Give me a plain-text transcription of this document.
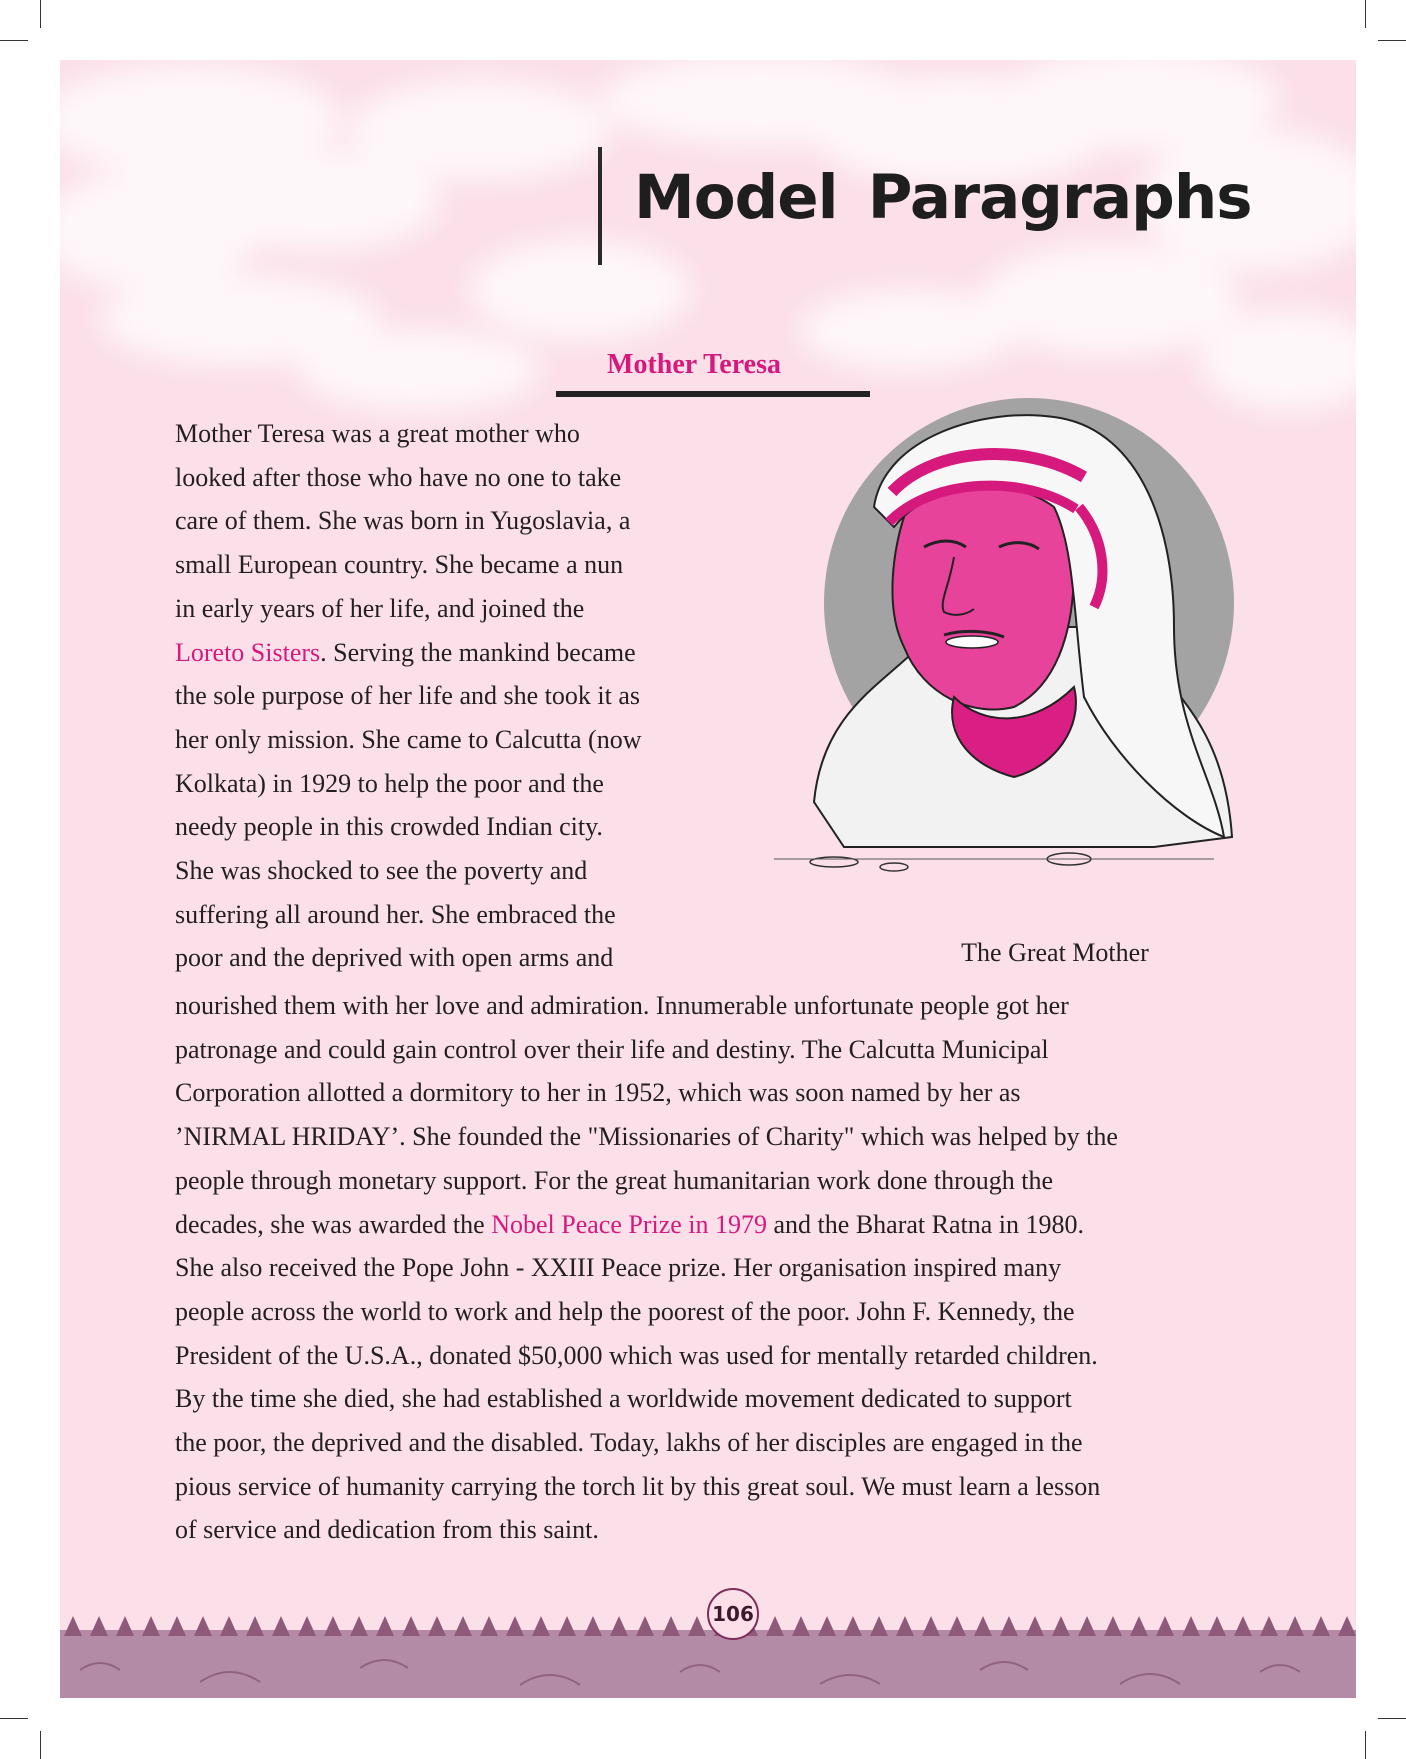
Model Paragraphs
Mother Teresa
Mother Teresa was a great mother who
looked after those who have no one to take
care of them. She was born in Yugoslavia, a
small European country. She became a nun
in early years of her life, and joined the
Loreto Sisters. Serving the mankind became
the sole purpose of her life and she took it as
her only mission. She came to Calcutta (now
Kolkata) in 1929 to help the poor and the
needy people in this crowded Indian city.
She was shocked to see the poverty and
suffering all around her. She embraced the
poor and the deprived with open arms and	The Great Mother
nourished them with her love and admiration. Innumerable unfortunate people got her
patronage and could gain control over their life and destiny. The Calcutta Municipal
Corporation allotted a dormitory to her in 1952, which was soon named by her as
’NIRMAL HRIDAY’. She founded the "Missionaries of Charity" which was helped by the
people through monetary support. For the great humanitarian work done through the
decades, she was awarded the Nobel Peace Prize in 1979 and the Bharat Ratna in 1980.
She also received the Pope John - XXIII Peace prize. Her organisation inspired many
people across the world to work and help the poorest of the poor. John F. Kennedy, the
President of the U.S.A., donated $50,000 which was used for mentally retarded children.
By the time she died, she had established a worldwide movement dedicated to support
the poor, the deprived and the disabled. Today, lakhs of her disciples are engaged in the
pious service of humanity carrying the torch lit by this great soul. We must learn a lesson
of service and dedication from this saint.
106
